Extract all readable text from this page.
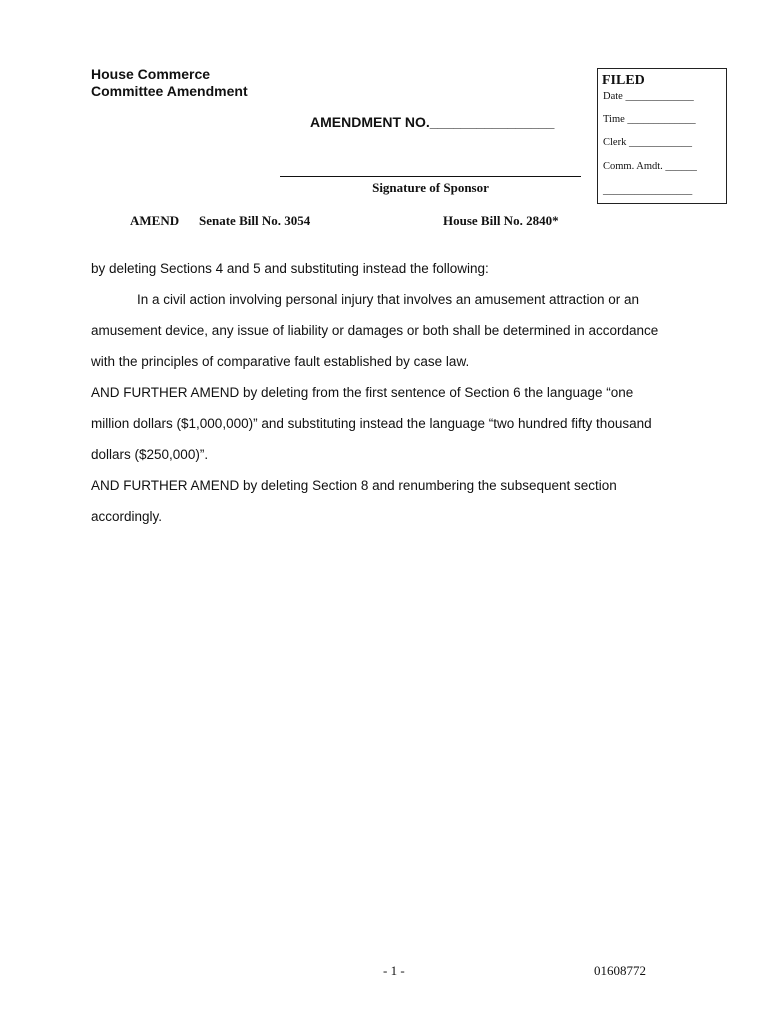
House Commerce
Committee Amendment
FILED
Date _____________
Time _____________
Clerk ____________
Comm. Amdt. ______
_________________
AMENDMENT NO.________________
Signature of Sponsor
AMEND Senate Bill No. 3054	House Bill No. 2840*

by deleting Sections 4 and 5 and substituting instead the following:

In a civil action involving personal injury that involves an amusement attraction or an

amusement device, any issue of liability or damages or both shall be determined in accordance

with the principles of comparative fault established by case law.

AND FURTHER AMEND by deleting from the first sentence of Section 6 the language “one

million dollars ($1,000,000)” and substituting instead the language “two hundred fifty thousand

dollars ($250,000)”.

AND FURTHER AMEND by deleting Section 8 and renumbering the subsequent section

accordingly.

- 1 -	01608772
